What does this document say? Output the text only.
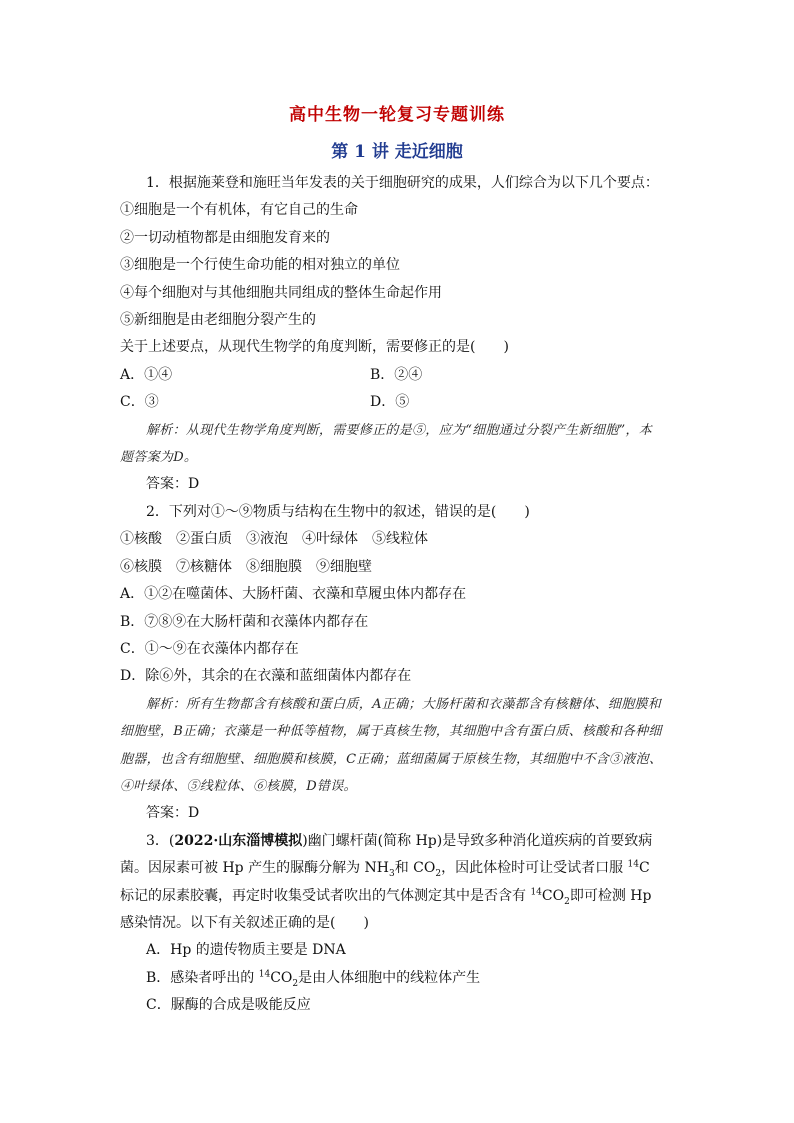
高中生物一轮复习专题训练
第 1 讲 走近细胞
1．根据施莱登和施旺当年发表的关于细胞研究的成果，人们综合为以下几个要点：
①细胞是一个有机体，有它自己的生命
②一切动植物都是由细胞发育来的
③细胞是一个行使生命功能的相对独立的单位
④每个细胞对与其他细胞共同组成的整体生命起作用
⑤新细胞是由老细胞分裂产生的
关于上述要点，从现代生物学的角度判断，需要修正的是(　　)
A．①④	B．②④
C．③	D．⑤
解析：从现代生物学角度判断，需要修正的是⑤，应为“细胞通过分裂产生新细胞”，本题答案为D。
答案：D
2．下列对①～⑨物质与结构在生物中的叙述，错误的是(　　)
①核酸　②蛋白质　③液泡　④叶绿体　⑤线粒体
⑥核膜　⑦核糖体　⑧细胞膜　⑨细胞壁
A．①②在噬菌体、大肠杆菌、衣藻和草履虫体内都存在
B．⑦⑧⑨在大肠杆菌和衣藻体内都存在
C．①～⑨在衣藻体内都存在
D．除⑥外，其余的在衣藻和蓝细菌体内都存在
解析：所有生物都含有核酸和蛋白质，A正确；大肠杆菌和衣藻都含有核糖体、细胞膜和细胞壁，B正确；衣藻是一种低等植物，属于真核生物，其细胞中含有蛋白质、核酸和各种细胞器，也含有细胞壁、细胞膜和核膜，C正确；蓝细菌属于原核生物，其细胞中不含③液泡、④叶绿体、⑤线粒体、⑥核膜，D错误。
答案：D
3．(2022·山东淄博模拟)幽门螺杆菌(简称 Hp)是导致多种消化道疾病的首要致病菌。因尿素可被 Hp 产生的脲酶分解为 $NH_3$和 $CO_2$，因此体检时可让受试者口服 $^{14}$C 标记的尿素胶囊，再定时收集受试者吹出的气体测定其中是否含有 $^{14}CO_2$即可检测 Hp 感染情况。以下有关叙述正确的是(　　)
A．Hp 的遗传物质主要是 DNA
B．感染者呼出的 $^{14}CO_2$是由人体细胞中的线粒体产生
C．脲酶的合成是吸能反应
